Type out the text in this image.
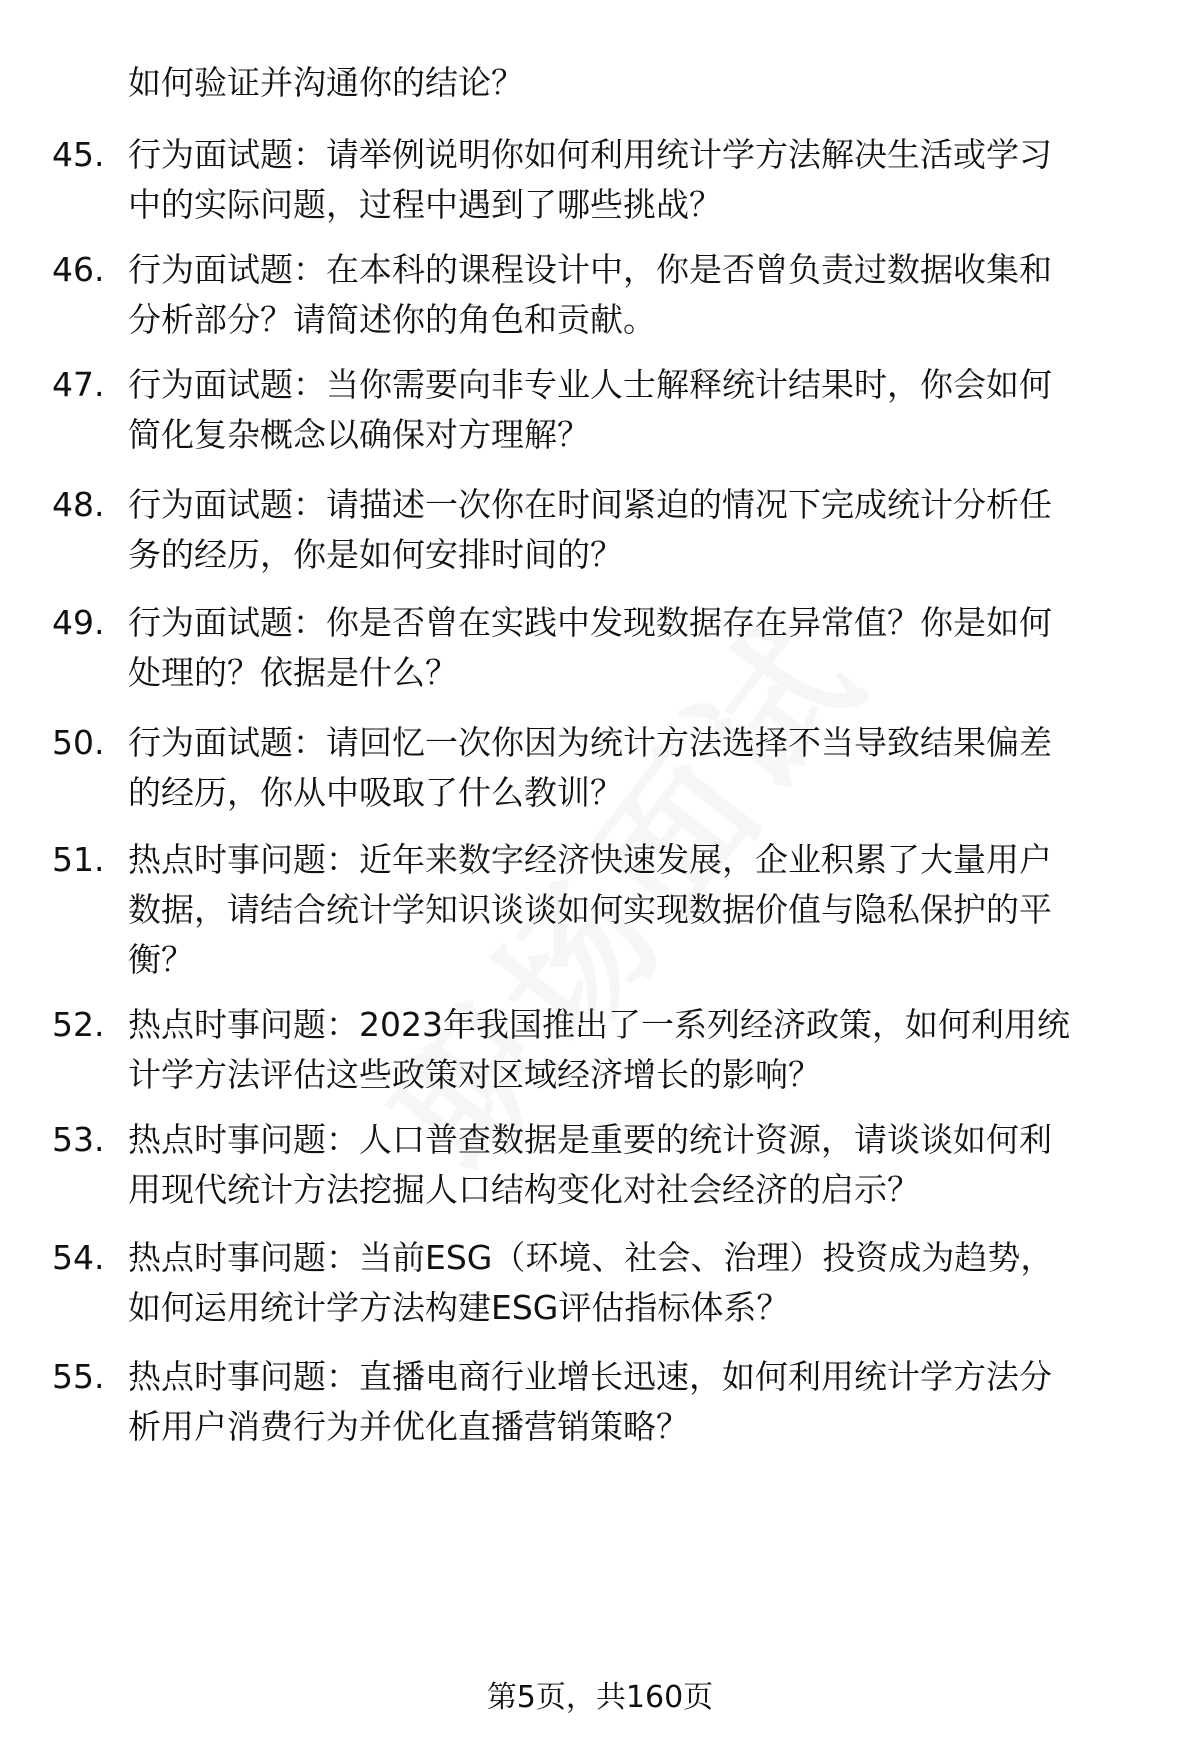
如何验证并沟通你的结论？
45. 行为面试题：请举例说明你如何利用统计学方法解决生活或学习
中的实际问题，过程中遇到了哪些挑战？
46. 行为面试题：在本科的课程设计中，你是否曾负责过数据收集和
分析部分？请简述你的角色和贡献。
47. 行为面试题：当你需要向非专业人士解释统计结果时，你会如何
简化复杂概念以确保对方理解？
48. 行为面试题：请描述一次你在时间紧迫的情况下完成统计分析任
务的经历，你是如何安排时间的？
49. 行为面试题：你是否曾在实践中发现数据存在异常值？你是如何
处理的？依据是什么？
50. 行为面试题：请回忆一次你因为统计方法选择不当导致结果偏差
的经历，你从中吸取了什么教训？
51. 热点时事问题：近年来数字经济快速发展，企业积累了大量用户
数据，请结合统计学知识谈谈如何实现数据价值与隐私保护的平
衡？
52. 热点时事问题：2023年我国推出了一系列经济政策，如何利用统
计学方法评估这些政策对区域经济增长的影响？
53. 热点时事问题：人口普查数据是重要的统计资源，请谈谈如何利
用现代统计方法挖掘人口结构变化对社会经济的启示？
54. 热点时事问题：当前ESG（环境、社会、治理）投资成为趋势，
如何运用统计学方法构建ESG评估指标体系？
55. 热点时事问题：直播电商行业增长迅速，如何利用统计学方法分
析用户消费行为并优化直播营销策略？
第5页，共160页
